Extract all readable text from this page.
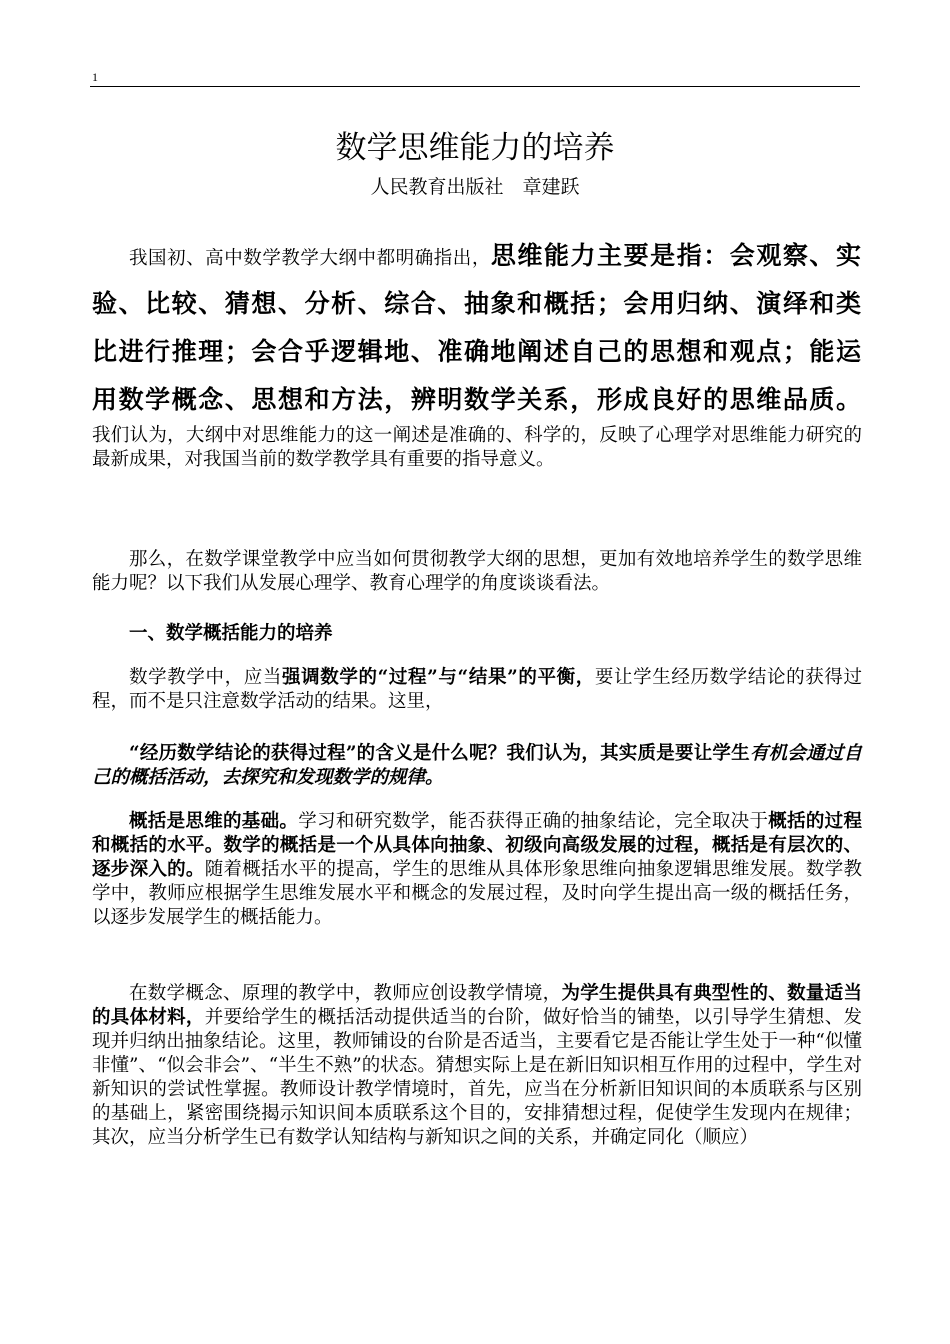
1
数学思维能力的培养
人民教育出版社　章建跃
我国初、高中数学教学大纲中都明确指出，思维能力主要是指：会观察、实验、比较、猜想、分析、综合、抽象和概括；会用归纳、演绎和类比进行推理；会合乎逻辑地、准确地阐述自己的思想和观点；能运用数学概念、思想和方法，辨明数学关系，形成良好的思维品质。我们认为，大纲中对思维能力的这一阐述是准确的、科学的，反映了心理学对思维能力研究的最新成果，对我国当前的数学教学具有重要的指导意义。
那么，在数学课堂教学中应当如何贯彻教学大纲的思想，更加有效地培养学生的数学思维能力呢？以下我们从发展心理学、教育心理学的角度谈谈看法。
一、数学概括能力的培养
数学教学中，应当强调数学的“过程”与“结果”的平衡，要让学生经历数学结论的获得过程，而不是只注意数学活动的结果。这里，
“经历数学结论的获得过程”的含义是什么呢？我们认为，其实质是要让学生有机会通过自己的概括活动，去探究和发现数学的规律。
概括是思维的基础。学习和研究数学，能否获得正确的抽象结论，完全取决于概括的过程和概括的水平。数学的概括是一个从具体向抽象、初级向高级发展的过程，概括是有层次的、逐步深入的。随着概括水平的提高，学生的思维从具体形象思维向抽象逻辑思维发展。数学教学中，教师应根据学生思维发展水平和概念的发展过程，及时向学生提出高一级的概括任务，以逐步发展学生的概括能力。
在数学概念、原理的教学中，教师应创设教学情境，为学生提供具有典型性的、数量适当的具体材料，并要给学生的概括活动提供适当的台阶，做好恰当的铺垫，以引导学生猜想、发现并归纳出抽象结论。这里，教师铺设的台阶是否适当，主要看它是否能让学生处于一种“似懂非懂”、“似会非会”、“半生不熟”的状态。猜想实际上是在新旧知识相互作用的过程中，学生对新知识的尝试性掌握。教师设计教学情境时，首先，应当在分析新旧知识间的本质联系与区别的基础上，紧密围绕揭示知识间本质联系这个目的，安排猜想过程，促使学生发现内在规律；其次，应当分析学生已有数学认知结构与新知识之间的关系，并确定同化（顺应）
